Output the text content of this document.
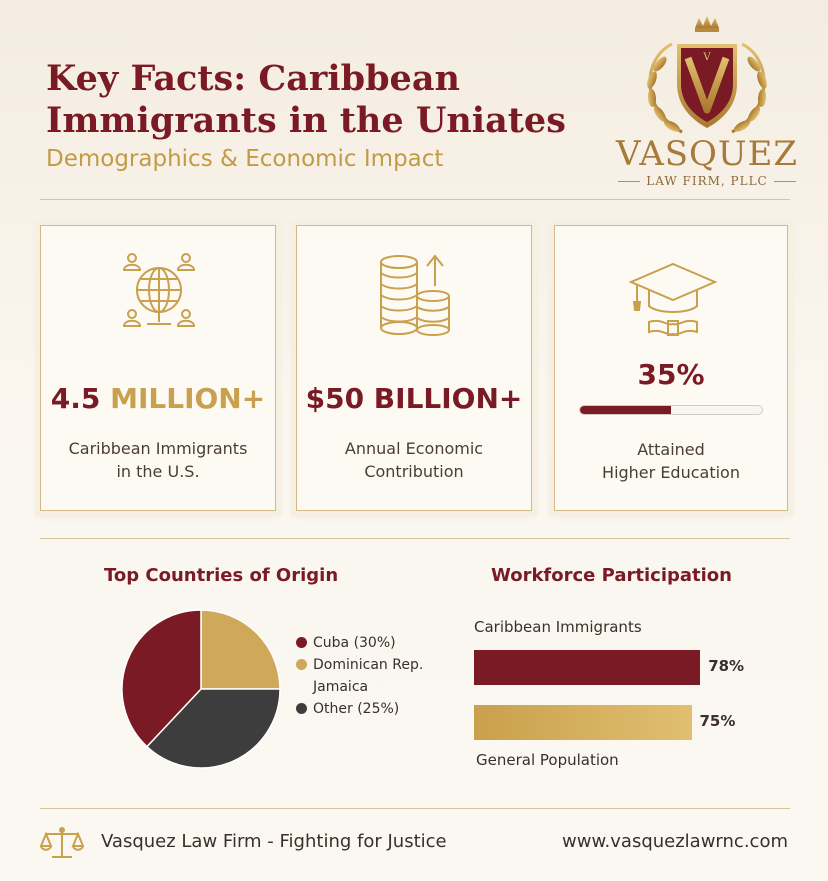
Key Facts: Caribbean
Immigrants in the Uniates
Demographics & Economic Impact
V
VASQUEZ
LAW FIRM, PLLC
4.5 MILLION+
Caribbean Immigrants
in the U.S.
$50 BILLION+
Annual Economic
Contribution
35%
Attained
Higher Education
Top Countries of Origin
Cuba (30%)
Dominican Rep.
Jamaica
Other (25%)
Workforce Participation
Caribbean Immigrants
78%
75%
General Population
Vasquez Law Firm - Fighting for Justice	www.vasquezlawrnc.com
